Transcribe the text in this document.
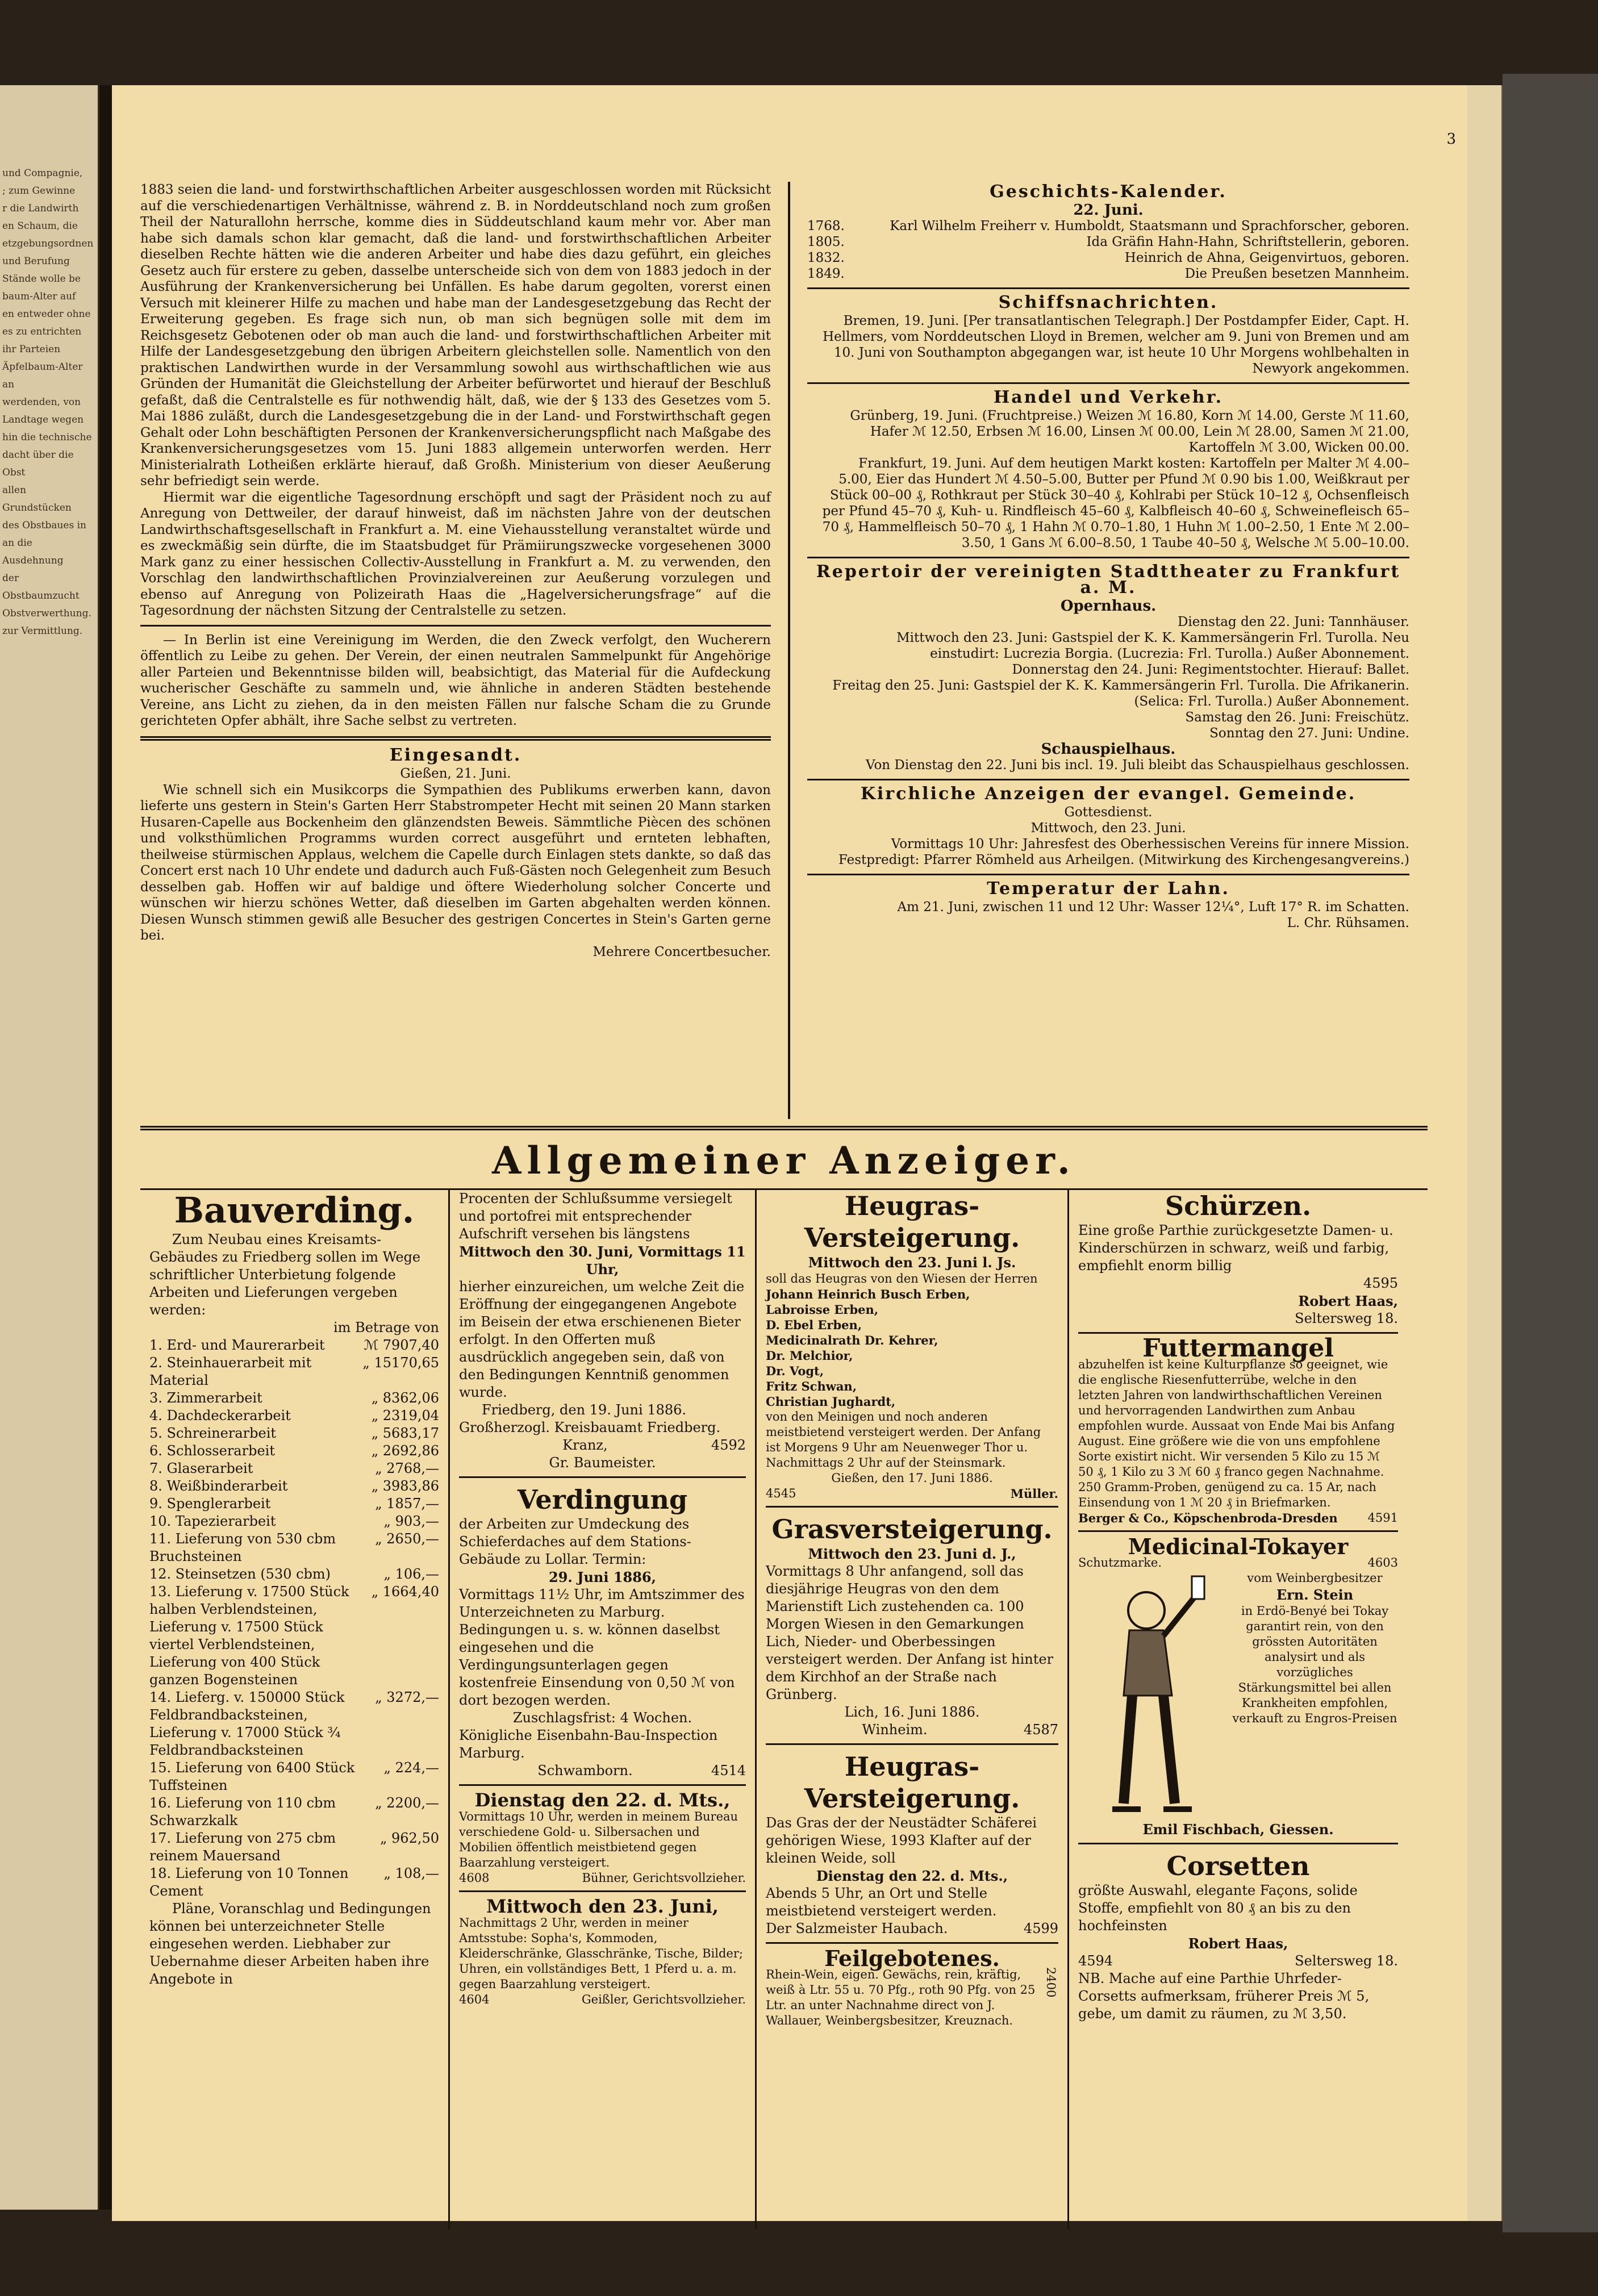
und Compagnie,
; zum Gewinne
r die Landwirth
en Schaum, die
etzgebungsordnen
und Berufung
Stände wolle be
baum-Alter auf
en entweder ohne
es zu entrichten
ihr Parteien
Äpfelbaum-Alter an
werdenden, von
Landtage wegen
hin die technische
dacht über die Obst
allen Grundstücken
des Obstbaues in
an die Ausdehnung
der Obstbaumzucht
Obstverwerthung.
zur Vermittlung.
3

1883 seien die land- und forstwirthschaftlichen Arbeiter ausgeschlossen worden mit Rücksicht auf die verschiedenartigen Verhältnisse, während z. B. in Norddeutschland noch zum großen Theil der Naturallohn herrsche, komme dies in Süddeutschland kaum mehr vor. Aber man habe sich damals schon klar gemacht, daß die land- und forstwirthschaftlichen Arbeiter dieselben Rechte hätten wie die anderen Arbeiter und habe dies dazu geführt, ein gleiches Gesetz auch für erstere zu geben, dasselbe unterscheide sich von dem von 1883 jedoch in der Ausführung der Krankenversicherung bei Unfällen. Es habe darum gegolten, vorerst einen Versuch mit kleinerer Hilfe zu machen und habe man der Landesgesetzgebung das Recht der Erweiterung gegeben. Es frage sich nun, ob man sich begnügen solle mit dem im Reichsgesetz Gebotenen oder ob man auch die land- und forstwirthschaftlichen Arbeiter mit Hilfe der Landesgesetzgebung den übrigen Arbeitern gleichstellen solle. Namentlich von den praktischen Landwirthen wurde in der Versammlung sowohl aus wirthschaftlichen wie aus Gründen der Humanität die Gleichstellung der Arbeiter befürwortet und hierauf der Beschluß gefaßt, daß die Centralstelle es für nothwendig hält, daß, wie der § 133 des Gesetzes vom 5. Mai 1886 zuläßt, durch die Landesgesetzgebung die in der Land- und Forstwirthschaft gegen Gehalt oder Lohn beschäftigten Personen der Krankenversicherungspflicht nach Maßgabe des Krankenversicherungsgesetzes vom 15. Juni 1883 allgemein unterworfen werden. Herr Ministerialrath Lotheißen erklärte hierauf, daß Großh. Ministerium von dieser Aeußerung sehr befriedigt sein werde.

Hiermit war die eigentliche Tagesordnung erschöpft und sagt der Präsident noch zu auf Anregung von Dettweiler, der darauf hinweist, daß im nächsten Jahre von der deutschen Landwirthschaftsgesellschaft in Frankfurt a. M. eine Viehausstellung veranstaltet würde und es zweckmäßig sein dürfte, die im Staatsbudget für Prämiirungszwecke vorgesehenen 3000 Mark ganz zu einer hessischen Collectiv-Ausstellung in Frankfurt a. M. zu verwenden, den Vorschlag den landwirthschaftlichen Provinzialvereinen zur Aeußerung vorzulegen und ebenso auf Anregung von Polizeirath Haas die „Hagelversicherungsfrage“ auf die Tagesordnung der nächsten Sitzung der Centralstelle zu setzen.

— In Berlin ist eine Vereinigung im Werden, die den Zweck verfolgt, den Wucherern öffentlich zu Leibe zu gehen. Der Verein, der einen neutralen Sammelpunkt für Angehörige aller Parteien und Bekenntnisse bilden will, beabsichtigt, das Material für die Aufdeckung wucherischer Geschäfte zu sammeln und, wie ähnliche in anderen Städten bestehende Vereine, ans Licht zu ziehen, da in den meisten Fällen nur falsche Scham die zu Grunde gerichteten Opfer abhält, ihre Sache selbst zu vertreten.

Eingesandt.

Gießen, 21. Juni.

Wie schnell sich ein Musikcorps die Sympathien des Publikums erwerben kann, davon lieferte uns gestern in Stein's Garten Herr Stabstrompeter Hecht mit seinen 20 Mann starken Husaren-Capelle aus Bockenheim den glänzendsten Beweis. Sämmtliche Piècen des schönen und volksthümlichen Programms wurden correct ausgeführt und ernteten lebhaften, theilweise stürmischen Applaus, welchem die Capelle durch Einlagen stets dankte, so daß das Concert erst nach 10 Uhr endete und dadurch auch Fuß-Gästen noch Gelegenheit zum Besuch desselben gab. Hoffen wir auf baldige und öftere Wiederholung solcher Concerte und wünschen wir hierzu schönes Wetter, daß dieselben im Garten abgehalten werden können. Diesen Wunsch stimmen gewiß alle Besucher des gestrigen Concertes in Stein's Garten gerne bei.

Mehrere Concertbesucher.

Geschichts-Kalender.
22. Juni.
1768.	Karl Wilhelm Freiherr v. Humboldt, Staatsmann und Sprachforscher, geboren.
1805.	Ida Gräfin Hahn-Hahn, Schriftstellerin, geboren.
1832.	Heinrich de Ahna, Geigenvirtuos, geboren.
1849.	Die Preußen besetzen Mannheim.
Schiffsnachrichten.

Bremen, 19. Juni. [Per transatlantischen Telegraph.] Der Postdampfer Eider, Capt. H. Hellmers, vom Norddeutschen Lloyd in Bremen, welcher am 9. Juni von Bremen und am 10. Juni von Southampton abgegangen war, ist heute 10 Uhr Morgens wohlbehalten in Newyork angekommen.

Handel und Verkehr.

Grünberg, 19. Juni. (Fruchtpreise.) Weizen ℳ 16.80, Korn ℳ 14.00, Gerste ℳ 11.60, Hafer ℳ 12.50, Erbsen ℳ 16.00, Linsen ℳ 00.00, Lein ℳ 28.00, Samen ℳ 21.00, Kartoffeln ℳ 3.00, Wicken 00.00.

Frankfurt, 19. Juni. Auf dem heutigen Markt kosten: Kartoffeln per Malter ℳ 4.00–5.00, Eier das Hundert ℳ 4.50–5.00, Butter per Pfund ℳ 0.90 bis 1.00, Weißkraut per Stück 00–00 ₰, Rothkraut per Stück 30–40 ₰, Kohlrabi per Stück 10–12 ₰, Ochsenfleisch per Pfund 45–70 ₰, Kuh- u. Rindfleisch 45–60 ₰, Kalbfleisch 40–60 ₰, Schweinefleisch 65–70 ₰, Hammelfleisch 50–70 ₰, 1 Hahn ℳ 0.70–1.80, 1 Huhn ℳ 1.00–2.50, 1 Ente ℳ 2.00–3.50, 1 Gans ℳ 6.00–8.50, 1 Taube 40–50 ₰, Welsche ℳ 5.00–10.00.

Repertoir der vereinigten Stadttheater zu Frankfurt a. M.
Opernhaus.

Dienstag den 22. Juni: Tannhäuser.

Mittwoch den 23. Juni: Gastspiel der K. K. Kammersängerin Frl. Turolla. Neu einstudirt: Lucrezia Borgia. (Lucrezia: Frl. Turolla.) Außer Abonnement.

Donnerstag den 24. Juni: Regimentstochter. Hierauf: Ballet.

Freitag den 25. Juni: Gastspiel der K. K. Kammersängerin Frl. Turolla. Die Afrikanerin. (Selica: Frl. Turolla.) Außer Abonnement.

Samstag den 26. Juni: Freischütz.

Sonntag den 27. Juni: Undine.

Schauspielhaus.

Von Dienstag den 22. Juni bis incl. 19. Juli bleibt das Schauspielhaus geschlossen.

Kirchliche Anzeigen der evangel. Gemeinde.
Gottesdienst.
Mittwoch, den 23. Juni.

Vormittags 10 Uhr: Jahresfest des Oberhessischen Vereins für innere Mission. Festpredigt: Pfarrer Römheld aus Arheilgen. (Mitwirkung des Kirchengesangvereins.)

Temperatur der Lahn.

Am 21. Juni, zwischen 11 und 12 Uhr: Wasser 12¼°, Luft 17° R. im Schatten.

L. Chr. Rühsamen.

Allgemeiner Anzeiger.
Bauverding.

Zum Neubau eines Kreisamts-Gebäudes zu Friedberg sollen im Wege schriftlicher Unterbietung folgende Arbeiten und Lieferungen vergeben werden:

im Betrage von

1. Erd- und Maurerarbeit	ℳ 7907,40
2. Steinhauerarbeit mit Material
„ 15170,65
3. Zimmerarbeit	„ 8362,06
4. Dachdeckerarbeit	„ 2319,04
5. Schreinerarbeit	„ 5683,17
6. Schlosserarbeit	„ 2692,86
7. Glaserarbeit	„ 2768,—
8. Weißbinderarbeit	„ 3983,86
9. Spenglerarbeit	„ 1857,—
10. Tapezierarbeit	„ 903,—
11. Lieferung von 530 cbm Bruchsteinen
„ 2650,—
12. Steinsetzen (530 cbm)	„ 106,—
13. Lieferung v. 17500 Stück halben Verblendsteinen, Lieferung v. 17500 Stück viertel Verblendsteinen, Lieferung von 400 Stück ganzen Bogensteinen
„ 1664,40
14. Lieferg. v. 150000 Stück Feldbrandbacksteinen, Lieferung v. 17000 Stück ¾ Feldbrandbacksteinen
„ 3272,—
15. Lieferung von 6400 Stück Tuffsteinen
„ 224,—
16. Lieferung von 110 cbm Schwarzkalk
„ 2200,—
17. Lieferung von 275 cbm reinem Mauersand
„ 962,50
18. Lieferung von 10 Tonnen Cement
„ 108,—

Pläne, Voranschlag und Bedingungen können bei unterzeichneter Stelle eingesehen werden. Liebhaber zur Uebernahme dieser Arbeiten haben ihre Angebote in

Procenten der Schlußsumme versiegelt und portofrei mit entsprechender Aufschrift versehen bis längstens

Mittwoch den 30. Juni, Vormittags 11 Uhr,

hierher einzureichen, um welche Zeit die Eröffnung der eingegangenen Angebote im Beisein der etwa erschienenen Bieter erfolgt. In den Offerten muß ausdrücklich angegeben sein, daß von den Bedingungen Kenntniß genommen wurde.

Friedberg, den 19. Juni 1886.

Großherzogl. Kreisbauamt Friedberg.

Kranz,	4592

Gr. Baumeister.

Verdingung

der Arbeiten zur Umdeckung des Schieferdaches auf dem Stations-Gebäude zu Lollar. Termin:

29. Juni 1886,

Vormittags 11½ Uhr, im Amtszimmer des Unterzeichneten zu Marburg. Bedingungen u. s. w. können daselbst eingesehen und die Verdingungsunterlagen gegen kostenfreie Einsendung von 0,50 ℳ von dort bezogen werden.

Zuschlagsfrist: 4 Wochen.

Königliche Eisenbahn-Bau-Inspection Marburg.

Schwamborn.	4514
Dienstag den 22. d. Mts.,

Vormittags 10 Uhr, werden in meinem Bureau verschiedene Gold- u. Silbersachen und Mobilien öffentlich meistbietend gegen Baarzahlung versteigert.

4608	Bühner, Gerichtsvollzieher.
Mittwoch den 23. Juni,

Nachmittags 2 Uhr, werden in meiner Amtsstube: Sopha's, Kommoden, Kleiderschränke, Glasschränke, Tische, Bilder; Uhren, ein vollständiges Bett, 1 Pferd u. a. m. gegen Baarzahlung versteigert.

4604	Geißler, Gerichtsvollzieher.
Heugras-Versteigerung.

Mittwoch den 23. Juni l. Js.

soll das Heugras von den Wiesen der Herren

Johann Heinrich Busch Erben,
Labroisse Erben,
D. Ebel Erben,
Medicinalrath Dr. Kehrer,
Dr. Melchior,
Dr. Vogt,
Fritz Schwan,
Christian Jughardt,

von den Meinigen und noch anderen meistbietend versteigert werden. Der Anfang ist Morgens 9 Uhr am Neuenweger Thor u. Nachmittags 2 Uhr auf der Steinsmark.

Gießen, den 17. Juni 1886.

4545	Müller.
Grasversteigerung.

Mittwoch den 23. Juni d. J.,

Vormittags 8 Uhr anfangend, soll das diesjährige Heugras von den dem Marienstift Lich zustehenden ca. 100 Morgen Wiesen in den Gemarkungen Lich, Nieder- und Oberbessingen versteigert werden. Der Anfang ist hinter dem Kirchhof an der Straße nach Grünberg.

Lich, 16. Juni 1886.

Winheim.	4587
Heugras-Versteigerung.

Das Gras der der Neustädter Schäferei gehörigen Wiese, 1993 Klafter auf der kleinen Weide, soll

Dienstag den 22. d. Mts.,

Abends 5 Uhr, an Ort und Stelle meistbietend versteigert werden.

Der Salzmeister Haubach.	4599
Feilgebotenes.

Rhein-Wein, eigen. Gewächs, rein, kräftig, weiß à Ltr. 55 u. 70 Pfg., roth 90 Pfg. von 25 Ltr. an unter Nachnahme direct von J. Wallauer, Weinbergsbesitzer, Kreuznach.

2400
Schürzen.

Eine große Parthie zurückgesetzte Damen- u. Kinderschürzen in schwarz, weiß und farbig, empfiehlt enorm billig

4595

Robert Haas,

Seltersweg 18.

Futtermangel

abzuhelfen ist keine Kulturpflanze so geeignet, wie die englische Riesenfutterrübe, welche in den letzten Jahren von landwirthschaftlichen Vereinen und hervorragenden Landwirthen zum Anbau empfohlen wurde. Aussaat von Ende Mai bis Anfang August. Eine größere wie die von uns empfohlene Sorte existirt nicht. Wir versenden 5 Kilo zu 15 ℳ 50 ₰, 1 Kilo zu 3 ℳ 60 ₰ franco gegen Nachnahme. 250 Gramm-Proben, genügend zu ca. 15 Ar, nach Einsendung von 1 ℳ 20 ₰ in Briefmarken.

Berger & Co., Köpschenbroda-Dresden	4591
Medicinal-Tokayer
Schutzmarke.	4603

vom Weinbergbesitzer

Ern. Stein

in Erdö-Benyé bei Tokay

garantirt rein, von den grössten Autoritäten analysirt und als vorzügliches Stärkungsmittel bei allen Krankheiten empfohlen, verkauft zu Engros-Preisen

Emil Fischbach, Giessen.

Corsetten

größte Auswahl, elegante Façons, solide Stoffe, empfiehlt von 80 ₰ an bis zu den hochfeinsten

Robert Haas,

4594	Seltersweg 18.

NB. Mache auf eine Parthie Uhrfeder-Corsetts aufmerksam, früherer Preis ℳ 5, gebe, um damit zu räumen, zu ℳ 3,50.
